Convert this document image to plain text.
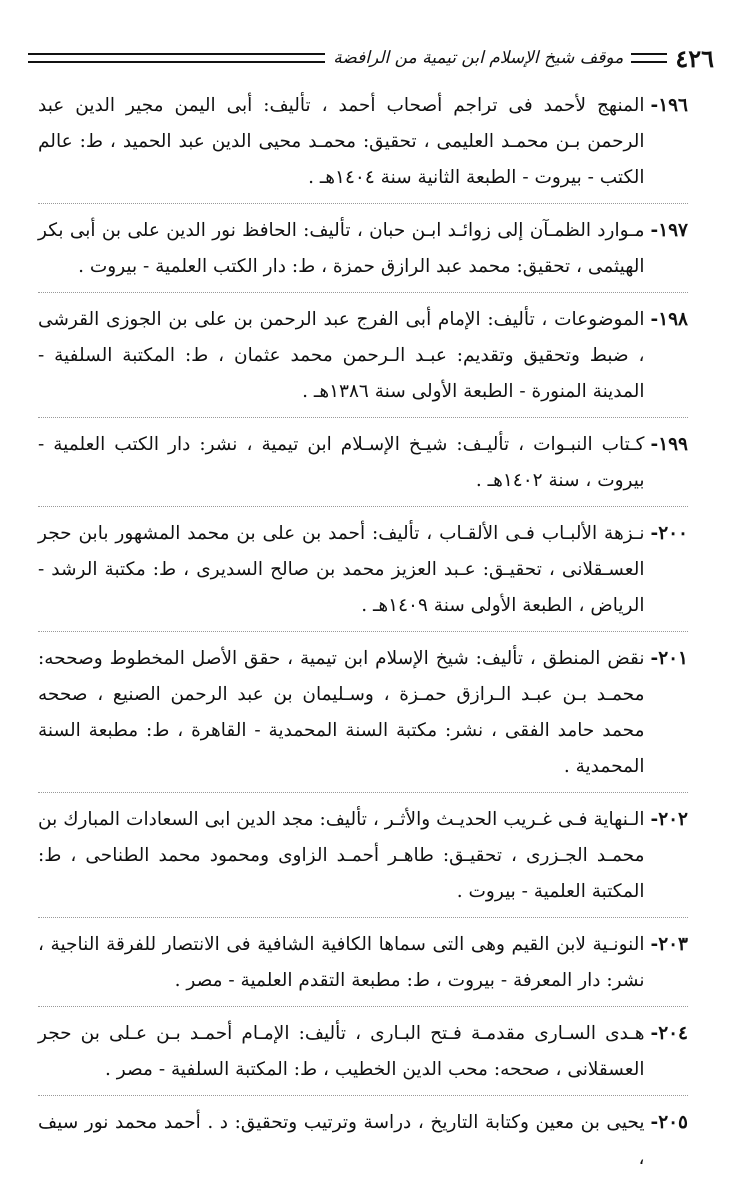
٤٢٦
موقف شيخ الإسلام ابن تيمية من الرافضة
١٩٦-
المنهج لأحمد فى تراجم أصحاب أحمد ، تأليف: أبى اليمن مجير الدين عبد الرحمن بـن محمـد العليمى ، تحقيق: محمـد محيى الدين عبد الحميد ، ط: عالم الكتب - بيروت - الطبعة الثانية سنة ١٤٠٤هـ .
١٩٧-
مـوارد الظمـآن إلى زوائـد ابـن حبان ، تأليف: الحافظ نور الدين على بن أبى بكر الهيثمى ، تحقيق: محمد عبد الرازق حمزة ، ط: دار الكتب العلمية - بيروت .
١٩٨-
الموضوعات ، تأليف: الإمام أبى الفرج عبد الرحمن بن على بن الجوزى القرشى ، ضبط وتحقيق وتقديم: عبـد الـرحمن محمد عثمان ، ط: المكتبة السلفية - المدينة المنورة - الطبعة الأولى سنة ١٣٨٦هـ .
١٩٩-
كـتاب النبـوات ، تأليـف: شيـخ الإسـلام ابن تيمية ، نشر: دار الكتب العلمية - بيروت ، سنة ١٤٠٢هـ .
٢٠٠-
نـزهة الألبـاب فـى الألقـاب ، تأليف: أحمد بن على بن محمد المشهور بابن حجر العسـقلانى ، تحقيـق: عـبد العزيز محمد بن صالح السديرى ، ط: مكتبة الرشد - الرياض ، الطبعة الأولى سنة ١٤٠٩هـ .
٢٠١-
نقض المنطق ، تأليف: شيخ الإسلام ابن تيمية ، حقق الأصل المخطوط وصححه: محمـد بـن عبـد الـرازق حمـزة ، وسـليمان بن عبد الرحمن الصنيع ، صححه محمد حامد الفقى ، نشر: مكتبة السنة المحمدية - القاهرة ، ط: مطبعة السنة المحمدية .
٢٠٢-
الـنهاية فـى غـريب الحديـث والأثـر ، تأليف: مجد الدين ابى السعادات المبارك بن محمـد الجـزرى ، تحقيـق: طاهـر أحمـد الزاوى ومحمود محمد الطناحى ، ط: المكتبة العلمية - بيروت .
٢٠٣-
النونـية لابن القيم وهى التى سماها الكافية الشافية فى الانتصار للفرقة الناجية ، نشر: دار المعرفة - بيروت ، ط: مطبعة التقدم العلمية - مصر .
٢٠٤-
هـدى السـارى مقدمـة فـتح البـارى ، تأليف: الإمـام أحمـد بـن عـلى بن حجر العسقلانى ، صححه: محب الدين الخطيب ، ط: المكتبة السلفية - مصر .
٢٠٥-
يحيى بن معين وكتابة التاريخ ، دراسة وترتيب وتحقيق: د . أحمد محمد نور سيف ،
